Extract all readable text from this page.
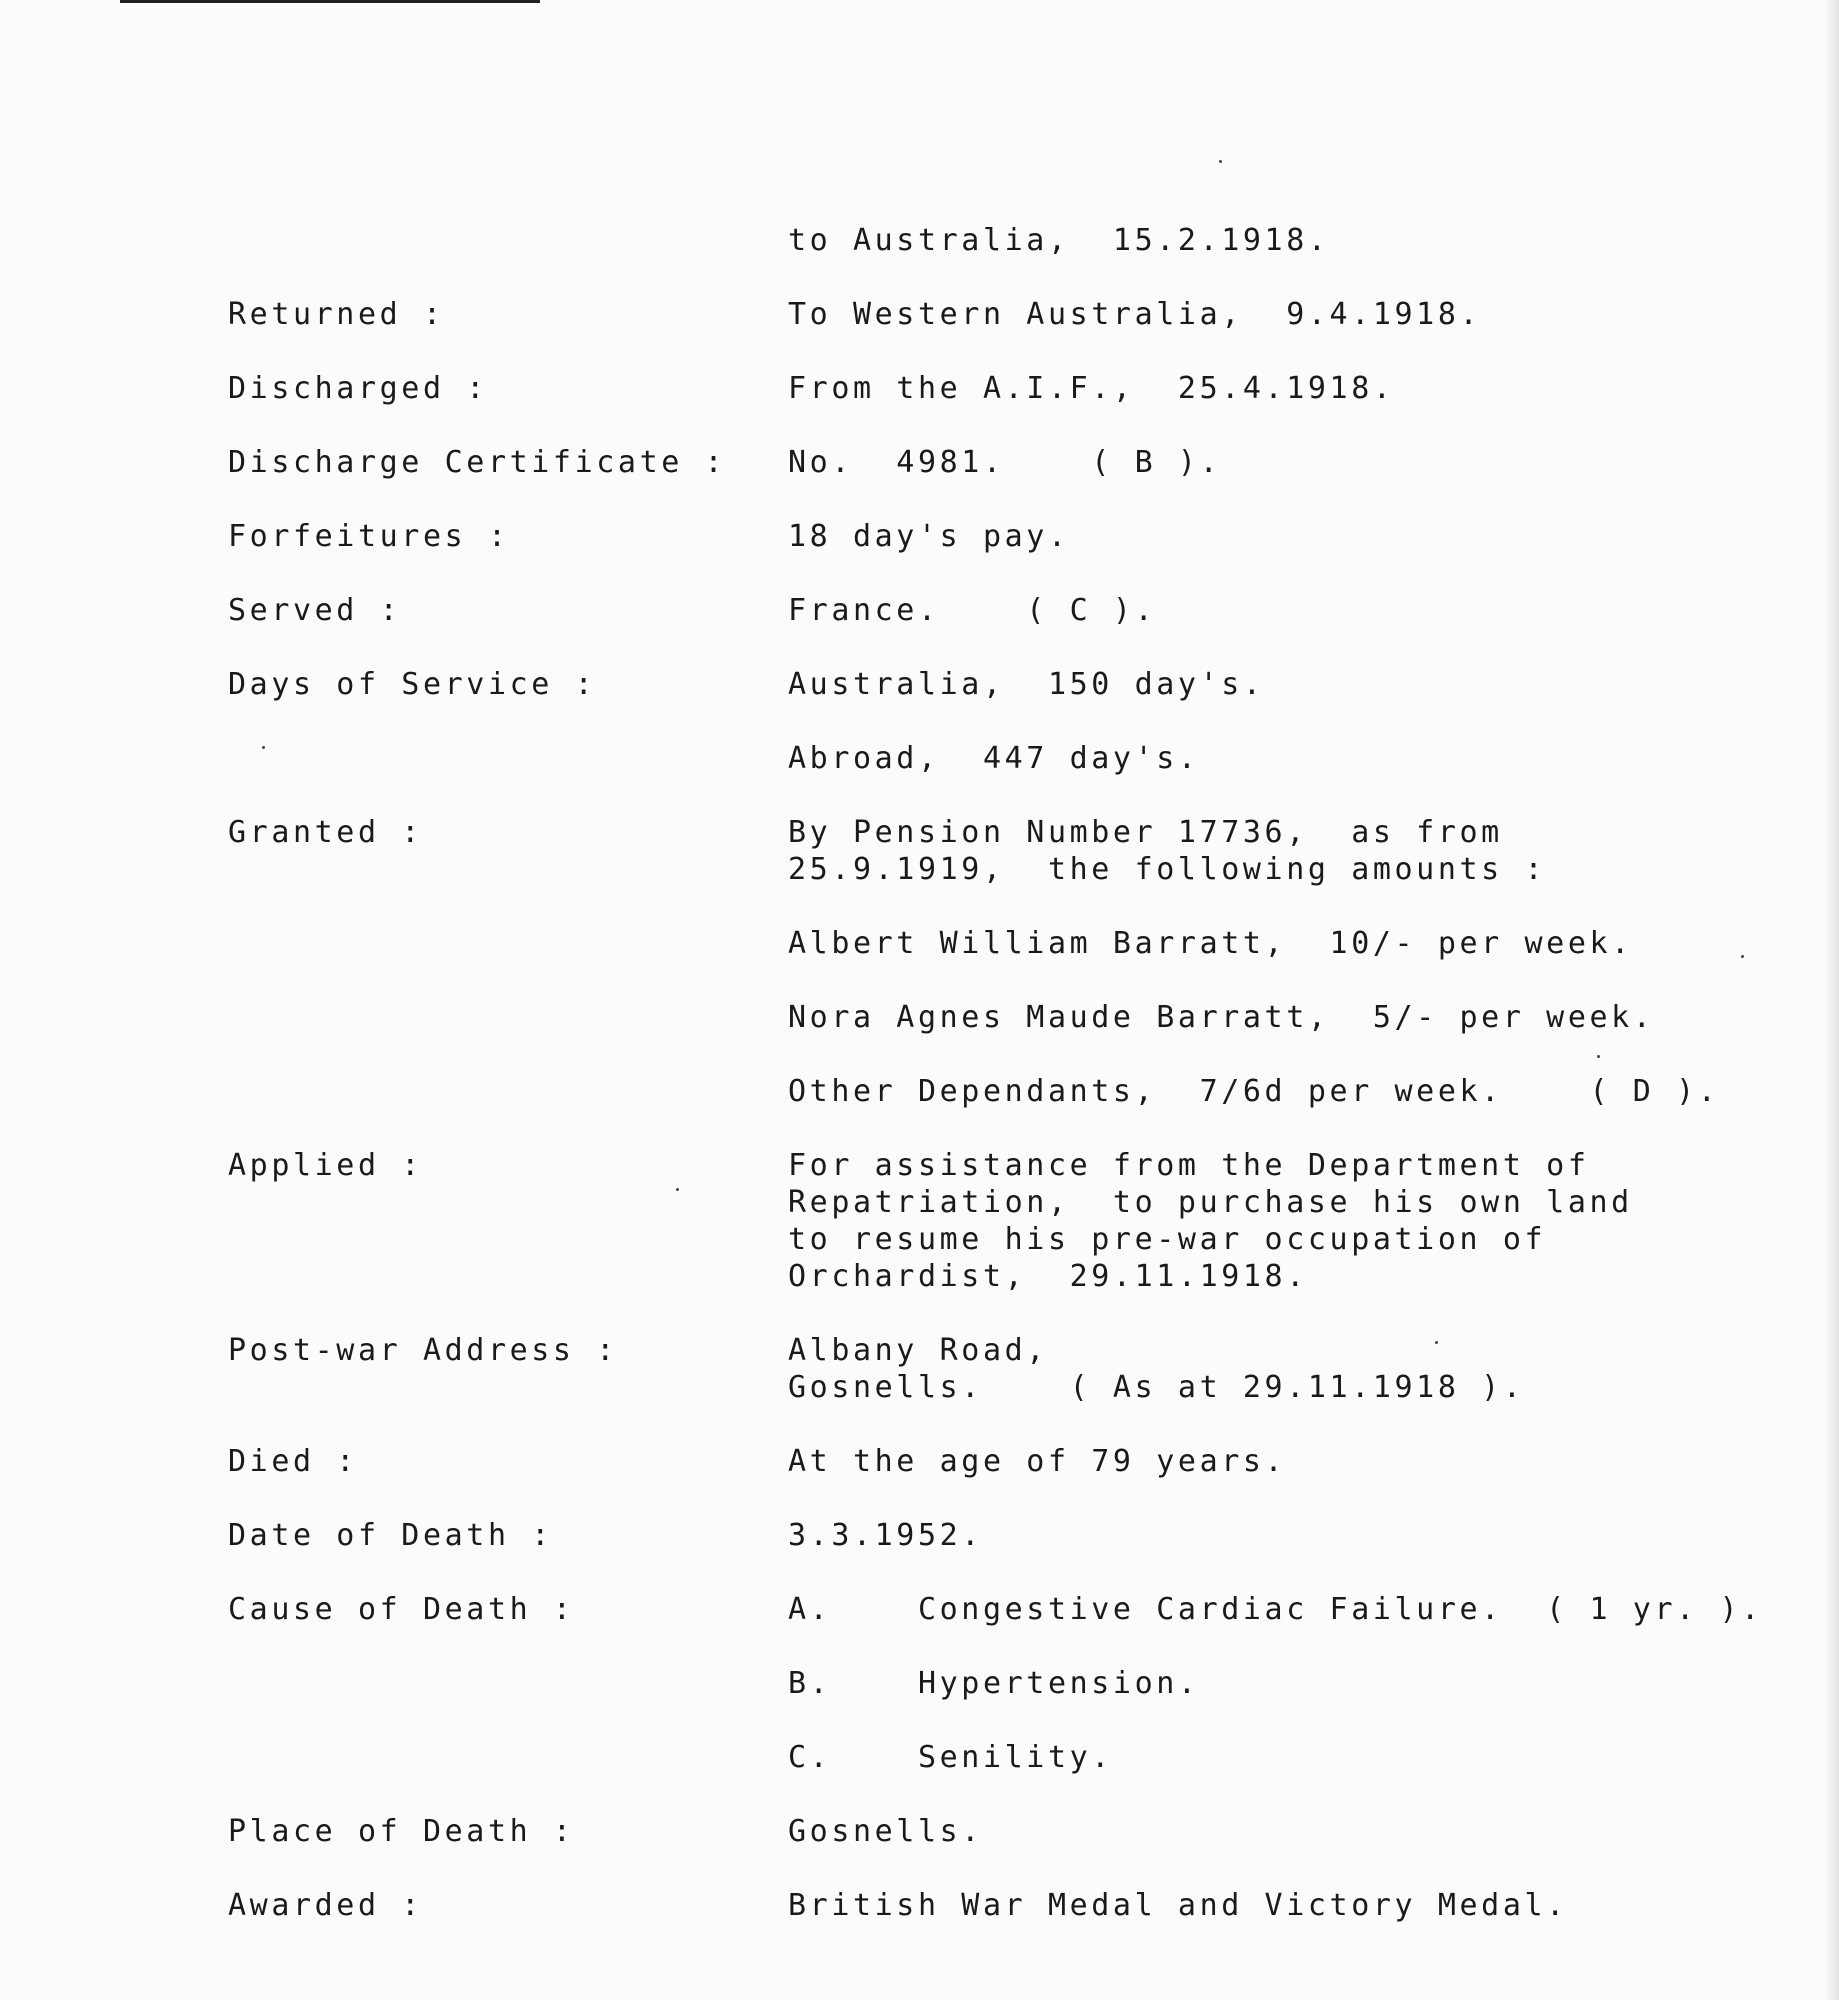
to Australia,  15.2.1918.
Returned :	To Western Australia,  9.4.1918.
Discharged :	From the A.I.F.,  25.4.1918.
Discharge Certificate : No.  4981.    ( B ).
Forfeitures :	18 day's pay.
Served :	France.    ( C ).
Days of Service :	Australia,  150 day's.
Abroad,  447 day's.
Granted :	By Pension Number 17736,  as from
25.9.1919,  the following amounts :
Albert William Barratt,  10/- per week.
Nora Agnes Maude Barratt,  5/- per week.
Other Dependants,  7/6d per week.    ( D ).
Applied :	For assistance from the Department of
Repatriation,  to purchase his own land
to resume his pre-war occupation of
Orchardist,  29.11.1918.
Post-war Address :	Albany Road,
Gosnells.    ( As at 29.11.1918 ).
Died :	At the age of 79 years.
Date of Death :	3.3.1952.
Cause of Death :	A.    Congestive Cardiac Failure.  ( 1 yr. ).
B.    Hypertension.
C.    Senility.
Place of Death :	Gosnells.
Awarded :	British War Medal and Victory Medal.
